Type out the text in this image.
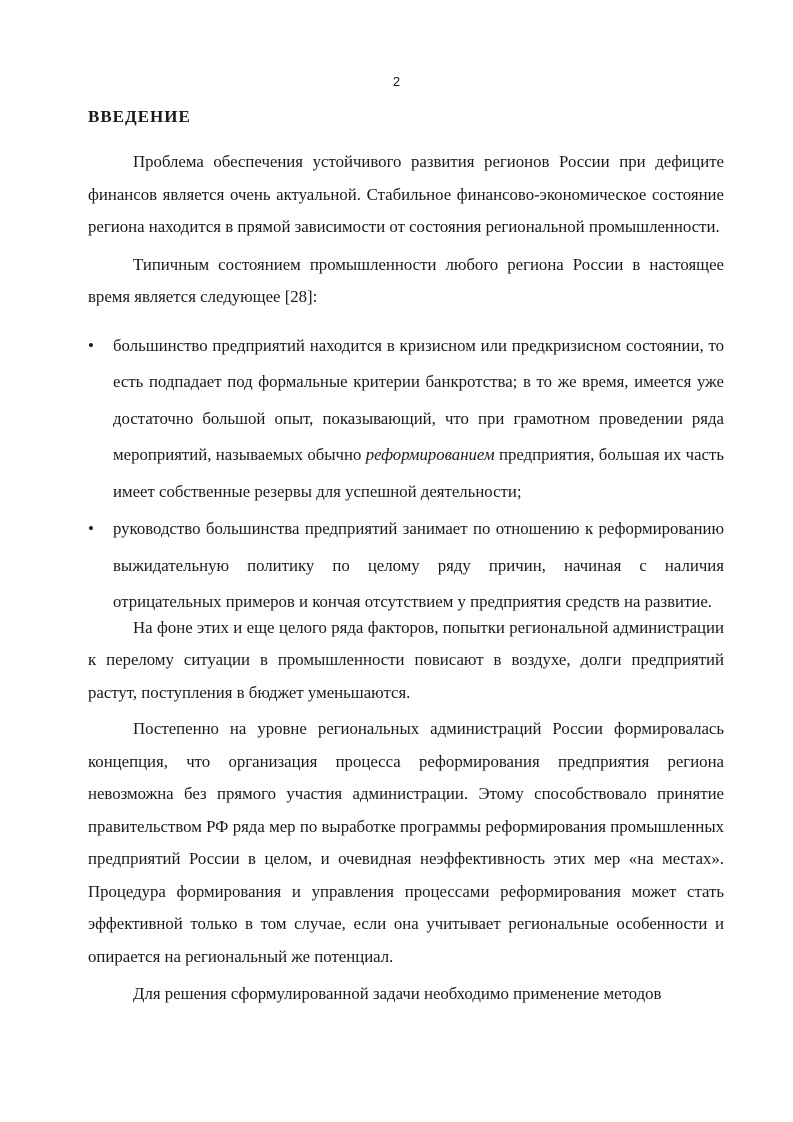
2
ВВЕДЕНИЕ

Проблема обеспечения устойчивого развития регионов России при дефиците финансов является очень актуальной. Стабильное финансово-экономическое состояние региона находится в прямой зависимости от состояния региональной промышленности.

Типичным состоянием промышленности любого региона России в настоящее время является следующее [28]:

• большинство предприятий находится в кризисном или предкризисном состоянии, то есть подпадает под формальные критерии банкротства; в то же время, имеется уже достаточно большой опыт, показывающий, что при грамотном проведении ряда мероприятий, называемых обычно реформированием предприятия, большая их часть имеет собственные резервы для успешной деятельности;
• руководство большинства предприятий занимает по отношению к реформированию выжидательную политику по целому ряду причин, начиная с наличия отрицательных примеров и кончая отсутствием у предприятия средств на развитие.

На фоне этих и еще целого ряда факторов, попытки региональной администрации к перелому ситуации в промышленности повисают в воздухе, долги предприятий растут, поступления в бюджет уменьшаются.

Постепенно на уровне региональных администраций России формировалась концепция, что организация процесса реформирования предприятия региона невозможна без прямого участия администрации. Этому способствовало принятие правительством РФ ряда мер по выработке программы реформирования промышленных предприятий России в целом, и очевидная неэффективность этих мер «на местах». Процедура формирования и управления процессами реформирования может стать эффективной только в том случае, если она учитывает региональные особенности и опирается на региональный же потенциал.

Для решения сформулированной задачи необходимо применение методов
